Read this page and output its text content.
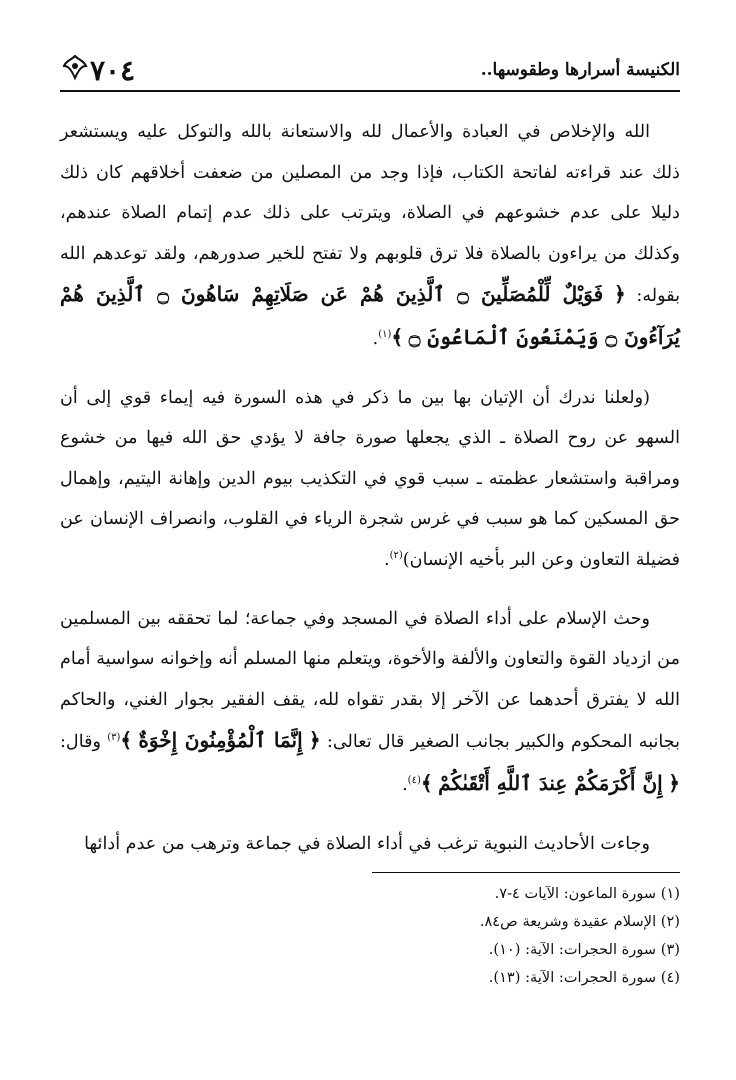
الكنيسة أسرارها وطقوسها..
٧٠٤

الله والإخلاص في العبادة والأعمال لله والاستعانة بالله والتوكل عليه ويستشعر ذلك عند قراءته لفاتحة الكتاب، فإذا وجد من المصلين من ضعفت أخلاقهم كان ذلك دليلا على عدم خشوعهم في الصلاة، ويترتب على ذلك عدم إتمام الصلاة عندهم، وكذلك من يراءون بالصلاة فلا ترق قلوبهم ولا تفتح للخير صدورهم، ولقد توعدهم الله بقوله: ﴿ فَوَيْلٌ لِّلْمُصَلِّينَ ۝ ٱلَّذِينَ هُمْ عَن صَلَاتِهِمْ سَاهُونَ ۝ ٱلَّذِينَ هُمْ يُرَآءُونَ ۝ وَيَمْنَعُونَ ٱلْمَاعُونَ ۝ ﴾$^{(١)}$.

(ولعلنا ندرك أن الإتيان بها بين ما ذكر في هذه السورة فيه إيماء قوي إلى أن السهو عن روح الصلاة ـ الذي يجعلها صورة جافة لا يؤدي حق الله فيها من خشوع ومراقبة واستشعار عظمته ـ سبب قوي في التكذيب بيوم الدين وإهانة اليتيم، وإهمال حق المسكين كما هو سبب في غرس شجرة الرياء في القلوب، وانصراف الإنسان عن فضيلة التعاون وعن البر بأخيه الإنسان)$^{(٢)}$.

وحث الإسلام على أداء الصلاة في المسجد وفي جماعة؛ لما تحققه بين المسلمين من ازدياد القوة والتعاون والألفة والأخوة، ويتعلم منها المسلم أنه وإخوانه سواسية أمام الله لا يفترق أحدهما عن الآخر إلا بقدر تقواه لله، يقف الفقير بجوار الغني، والحاكم بجانبه المحكوم والكبير بجانب الصغير قال تعالى: ﴿ إِنَّمَا ٱلْمُؤْمِنُونَ إِخْوَةٌ ﴾$^{(٣)}$ وقال: ﴿ إِنَّ أَكْرَمَكُمْ عِندَ ٱللَّهِ أَتْقَىٰكُمْ ﴾$^{(٤)}$.

وجاءت الأحاديث النبوية ترغب في أداء الصلاة في جماعة وترهب من عدم أدائها

(١) سورة الماعون: الآيات ٤-٧.

(٢) الإسلام عقيدة وشريعة ص٨٤.

(٣) سورة الحجرات: الآية: (١٠).

(٤) سورة الحجرات: الآية: (١٣).
